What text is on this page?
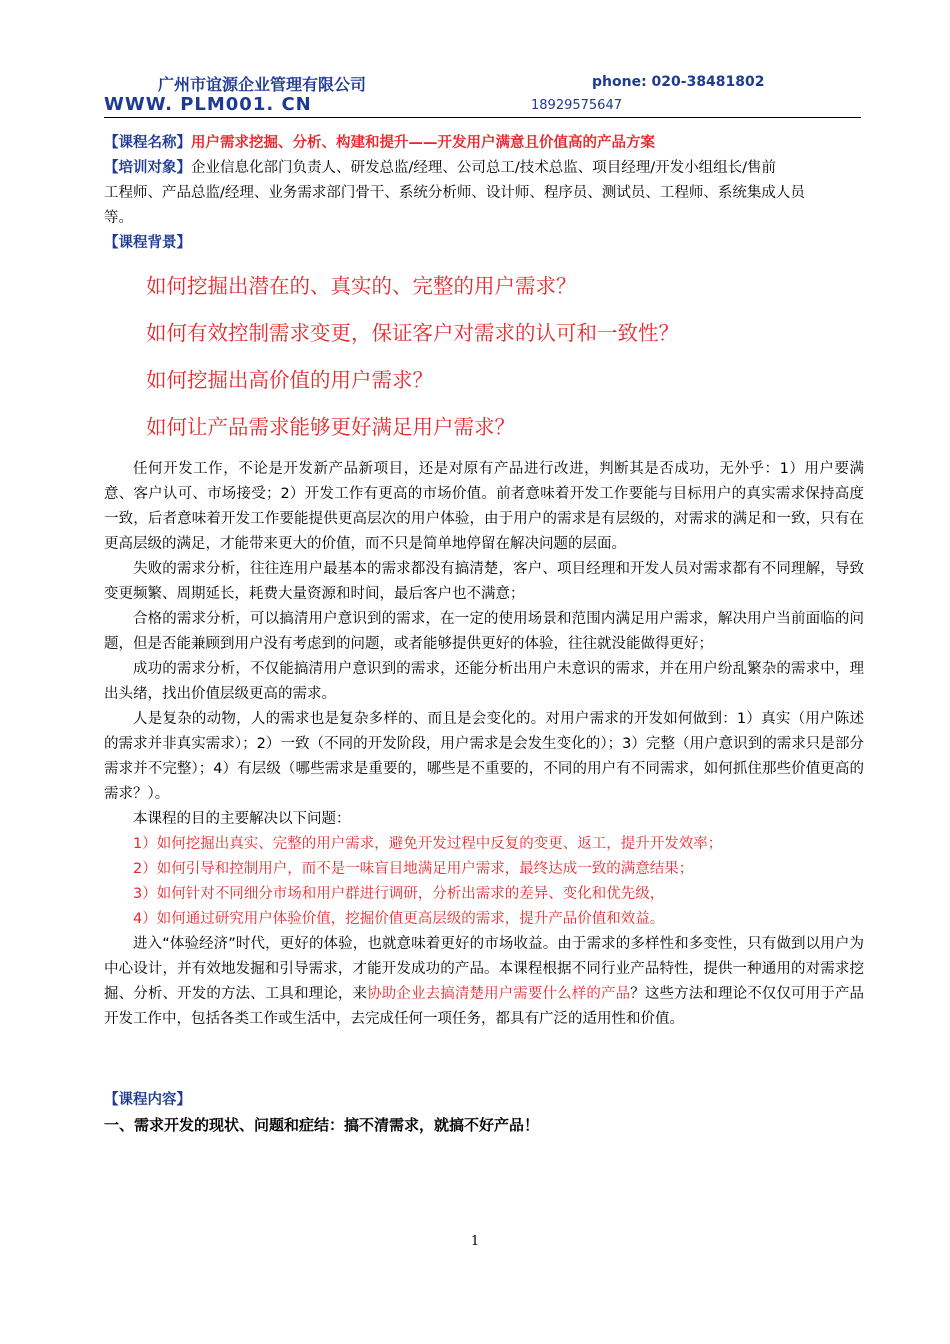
广州市谊源企业管理有限公司	phone: 020-38481802
WWW. PLM001. CN	18929575647

【课程名称】用户需求挖掘、分析、构建和提升——开发用户满意且价值高的产品方案

【培训对象】企业信息化部门负责人、研发总监/经理、公司总工/技术总监、项目经理/开发小组组长/售前

工程师、产品总监/经理、业务需求部门骨干、系统分析师、设计师、程序员、测试员、工程师、系统集成人员

等。

【课程背景】

如何挖掘出潜在的、真实的、完整的用户需求？

如何有效控制需求变更，保证客户对需求的认可和一致性？

如何挖掘出高价值的用户需求？

如何让产品需求能够更好满足用户需求？

任何开发工作，不论是开发新产品新项目，还是对原有产品进行改进，判断其是否成功，无外乎：1）用户要满意、客户认可、市场接受；2）开发工作有更高的市场价值。前者意味着开发工作要能与目标用户的真实需求保持高度一致，后者意味着开发工作要能提供更高层次的用户体验，由于用户的需求是有层级的，对需求的满足和一致，只有在更高层级的满足，才能带来更大的价值，而不只是简单地停留在解决问题的层面。

失败的需求分析，往往连用户最基本的需求都没有搞清楚，客户、项目经理和开发人员对需求都有不同理解，导致变更频繁、周期延长，耗费大量资源和时间，最后客户也不满意；

合格的需求分析，可以搞清用户意识到的需求，在一定的使用场景和范围内满足用户需求，解决用户当前面临的问题，但是否能兼顾到用户没有考虑到的问题，或者能够提供更好的体验，往往就没能做得更好；

成功的需求分析，不仅能搞清用户意识到的需求，还能分析出用户未意识的需求，并在用户纷乱繁杂的需求中，理出头绪，找出价值层级更高的需求。

人是复杂的动物，人的需求也是复杂多样的、而且是会变化的。对用户需求的开发如何做到：1）真实（用户陈述的需求并非真实需求）；2）一致（不同的开发阶段，用户需求是会发生变化的）；3）完整（用户意识到的需求只是部分需求并不完整）；4）有层级（哪些需求是重要的，哪些是不重要的，不同的用户有不同需求，如何抓住那些价值更高的需求？）。

本课程的目的主要解决以下问题：

1）如何挖掘出真实、完整的用户需求，避免开发过程中反复的变更、返工，提升开发效率；

2）如何引导和控制用户，而不是一味盲目地满足用户需求，最终达成一致的满意结果；

3）如何针对不同细分市场和用户群进行调研，分析出需求的差异、变化和优先级，

4）如何通过研究用户体验价值，挖掘价值更高层级的需求，提升产品价值和效益。

进入“体验经济”时代，更好的体验，也就意味着更好的市场收益。由于需求的多样性和多变性，只有做到以用户为中心设计，并有效地发掘和引导需求，才能开发成功的产品。本课程根据不同行业产品特性，提供一种通用的对需求挖掘、分析、开发的方法、工具和理论，来协助企业去搞清楚用户需要什么样的产品？这些方法和理论不仅仅可用于产品开发工作中，包括各类工作或生活中，去完成任何一项任务，都具有广泛的适用性和价值。

【课程内容】

一、需求开发的现状、问题和症结：搞不清需求，就搞不好产品！

1
